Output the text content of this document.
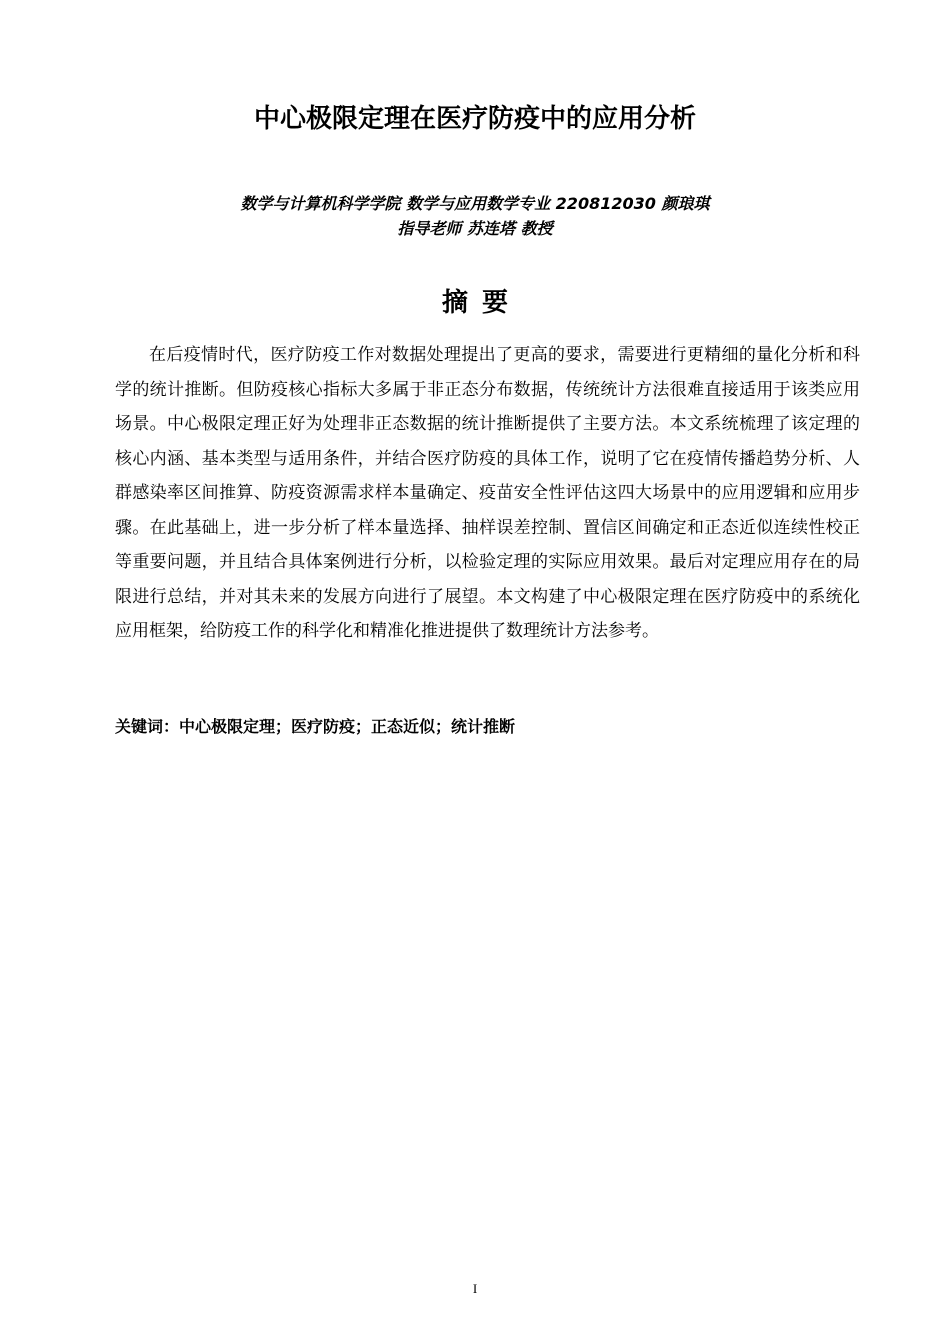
中心极限定理在医疗防疫中的应用分析

数学与计算机科学学院 数学与应用数学专业 220812030 颜琅琪

指导老师 苏连塔 教授

摘要

在后疫情时代，医疗防疫工作对数据处理提出了更高的要求，需要进行更精细的量化分析和科学的统计推断。但防疫核心指标大多属于非正态分布数据，传统统计方法很难直接适用于该类应用场景。中心极限定理正好为处理非正态数据的统计推断提供了主要方法。本文系统梳理了该定理的核心内涵、基本类型与适用条件，并结合医疗防疫的具体工作，说明了它在疫情传播趋势分析、人群感染率区间推算、防疫资源需求样本量确定、疫苗安全性评估这四大场景中的应用逻辑和应用步骤。在此基础上，进一步分析了样本量选择、抽样误差控制、置信区间确定和正态近似连续性校正等重要问题，并且结合具体案例进行分析，以检验定理的实际应用效果。最后对定理应用存在的局限进行总结，并对其未来的发展方向进行了展望。本文构建了中心极限定理在医疗防疫中的系统化应用框架，给防疫工作的科学化和精准化推进提供了数理统计方法参考。

关键词：中心极限定理；医疗防疫；正态近似；统计推断

I
